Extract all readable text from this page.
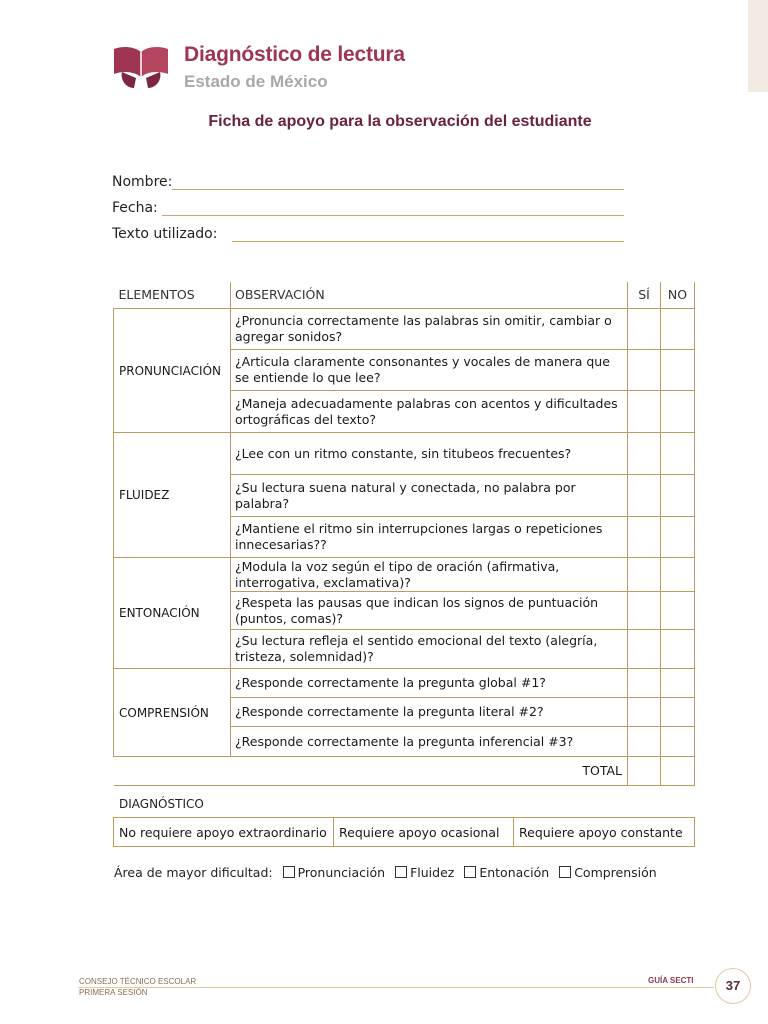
Diagnóstico de lectura
Estado de México
Ficha de apoyo para la observación del estudiante
Nombre:
Fecha:
Texto utilizado:
ELEMENTOS	OBSERVACIÓN	SÍ	NO
PRONUNCIACIÓN	¿Pronuncia correctamente las palabras sin omitir, cambiar o agregar sonidos?		
	¿Articula claramente consonantes y vocales de manera que se entiende lo que lee?		
	¿Maneja adecuadamente palabras con acentos y dificultades ortográficas del texto?		
FLUIDEZ	¿Lee con un ritmo constante, sin titubeos frecuentes?		
	¿Su lectura suena natural y conectada, no palabra por palabra?		
	¿Mantiene el ritmo sin interrupciones largas o repeticiones innecesarias??		
ENTONACIÓN	¿Modula la voz según el tipo de oración (afirmativa, interrogativa, exclamativa)?		
	¿Respeta las pausas que indican los signos de puntuación (puntos, comas)?		
	¿Su lectura refleja el sentido emocional del texto (alegría, tristeza, solemnidad)?		
COMPRENSIÓN	¿Responde correctamente la pregunta global #1?		
	¿Responde correctamente la pregunta literal #2?		
	¿Responde correctamente la pregunta inferencial #3?		
TOTAL			
DIAGNÓSTICO
No requiere apoyo extraordinario	Requiere apoyo ocasional	Requiere apoyo constante
Área de mayor dificultad: Pronunciación Fluidez Entonación Comprensión
CONSEJO TÉCNICO ESCOLAR
PRIMERA SESIÓN
GUÍA SECTI	37
